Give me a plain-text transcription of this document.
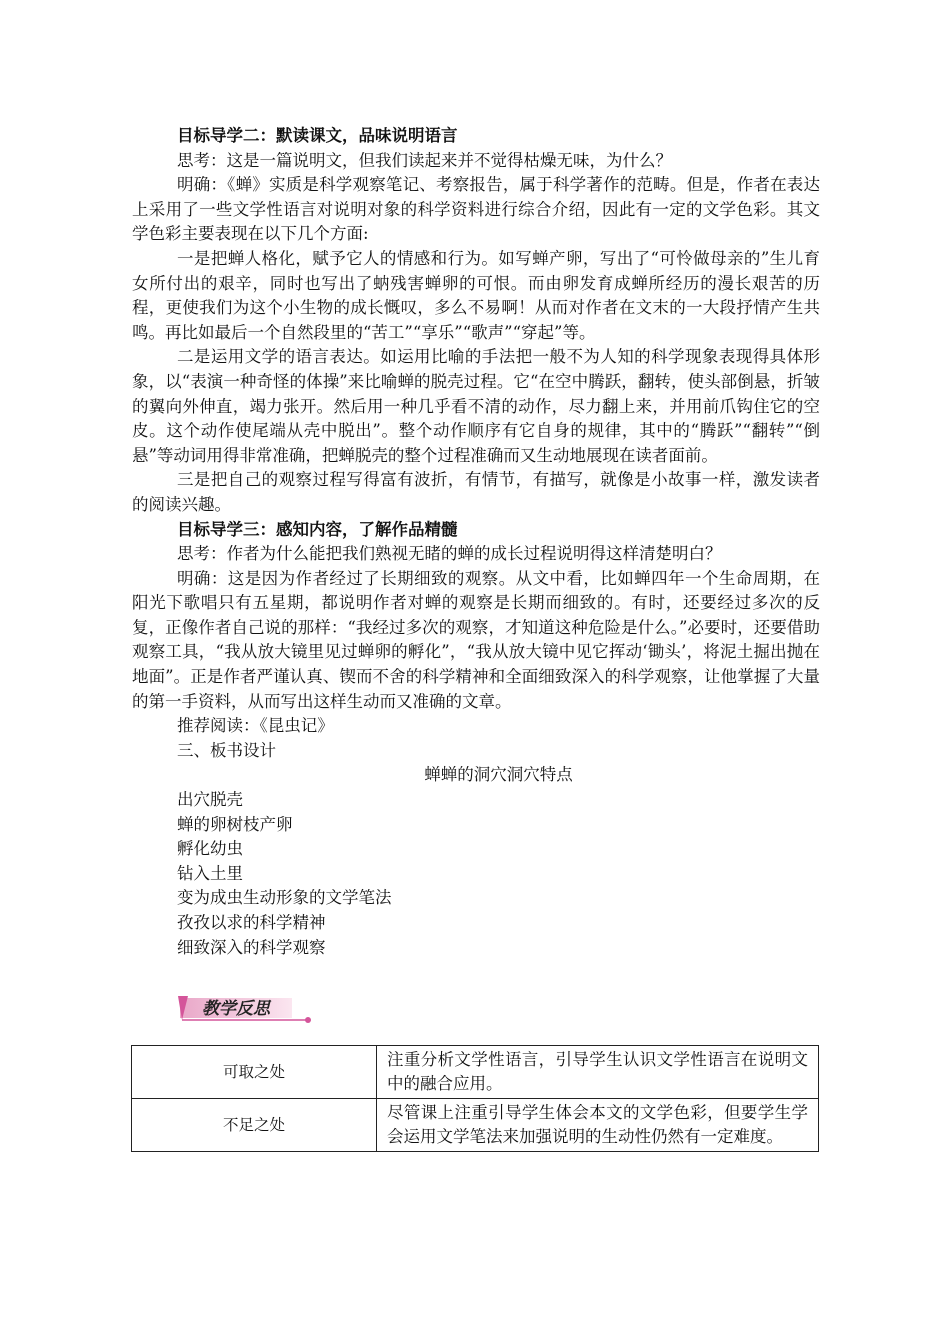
目标导学二：默读课文，品味说明语言

思考：这是一篇说明文，但我们读起来并不觉得枯燥无味，为什么？

明确：《蝉》实质是科学观察笔记、考察报告，属于科学著作的范畴。但是，作者在表达上采用了一些文学性语言对说明对象的科学资料进行综合介绍，因此有一定的文学色彩。其文学色彩主要表现在以下几个方面:

一是把蝉人格化，赋予它人的情感和行为。如写蝉产卵，写出了“可怜做母亲的”生儿育女所付出的艰辛，同时也写出了蚋残害蝉卵的可恨。而由卵发育成蝉所经历的漫长艰苦的历程，更使我们为这个小生物的成长慨叹，多么不易啊！从而对作者在文末的一大段抒情产生共鸣。再比如最后一个自然段里的“苦工”“享乐”“歌声”“穿起”等。

二是运用文学的语言表达。如运用比喻的手法把一般不为人知的科学现象表现得具体形象，以“表演一种奇怪的体操”来比喻蝉的脱壳过程。它“在空中腾跃，翻转，使头部倒悬，折皱的翼向外伸直，竭力张开。然后用一种几乎看不清的动作，尽力翻上来，并用前爪钩住它的空皮。这个动作使尾端从壳中脱出”。整个动作顺序有它自身的规律，其中的“腾跃”“翻转”“倒悬”等动词用得非常准确，把蝉脱壳的整个过程准确而又生动地展现在读者面前。

三是把自己的观察过程写得富有波折，有情节，有描写，就像是小故事一样，激发读者的阅读兴趣。

目标导学三：感知内容，了解作品精髓

思考：作者为什么能把我们熟视无睹的蝉的成长过程说明得这样清楚明白？

明确：这是因为作者经过了长期细致的观察。从文中看，比如蝉四年一个生命周期，在阳光下歌唱只有五星期，都说明作者对蝉的观察是长期而细致的。有时，还要经过多次的反复，正像作者自己说的那样：“我经过多次的观察，才知道这种危险是什么。”必要时，还要借助观察工具，“我从放大镜里见过蝉卵的孵化”，“我从放大镜中见它挥动‘锄头’，将泥土掘出抛在地面”。正是作者严谨认真、锲而不舍的科学精神和全面细致深入的科学观察，让他掌握了大量的第一手资料，从而写出这样生动而又准确的文章。

推荐阅读：《昆虫记》

三、板书设计

蝉蝉的洞穴洞穴特点

出穴脱壳

蝉的卵树枝产卵

孵化幼虫

钻入土里

变为成虫生动形象的文学笔法

孜孜以求的科学精神

细致深入的科学观察

教学反思
可取之处	注重分析文学性语言，引导学生认识文学性语言在说明文中的融合应用。
不足之处	尽管课上注重引导学生体会本文的文学色彩，但要学生学会运用文学笔法来加强说明的生动性仍然有一定难度。
